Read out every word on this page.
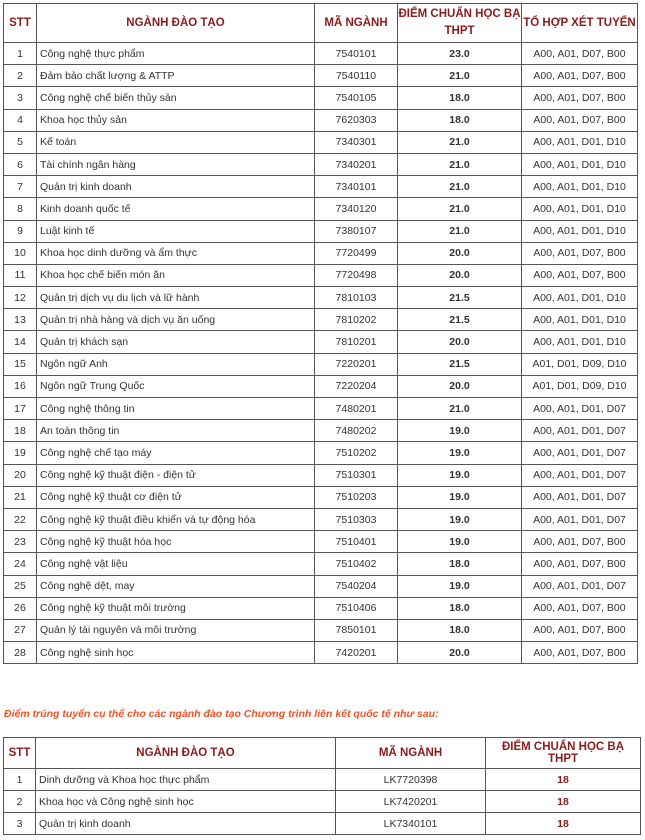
STT	NGÀNH ĐÀO TẠO	MÃ NGÀNH	ĐIỂM CHUẨN HỌC BẠ THPT	TỔ HỢP XÉT TUYỂN
1	Công nghệ thực phẩm	7540101	23.0	A00, A01, D07, B00
2	Đảm bảo chất lượng & ATTP	7540110	21.0	A00, A01, D07, B00
3	Công nghệ chế biến thủy sản	7540105	18.0	A00, A01, D07, B00
4	Khoa học thủy sản	7620303	18.0	A00, A01, D07, B00
5	Kế toán	7340301	21.0	A00, A01, D01, D10
6	Tài chính ngân hàng	7340201	21.0	A00, A01, D01, D10
7	Quản trị kinh doanh	7340101	21.0	A00, A01, D01, D10
8	Kinh doanh quốc tế	7340120	21.0	A00, A01, D01, D10
9	Luật kinh tế	7380107	21.0	A00, A01, D01, D10
10	Khoa học dinh dưỡng và ẩm thực	7720499	20.0	A00, A01, D07, B00
11	Khoa học chế biến món ăn	7720498	20.0	A00, A01, D07, B00
12	Quản trị dịch vụ du lịch và lữ hành	7810103	21.5	A00, A01, D01, D10
13	Quản trị nhà hàng và dịch vụ ăn uống	7810202	21.5	A00, A01, D01, D10
14	Quản trị khách sạn	7810201	20.0	A00, A01, D01, D10
15	Ngôn ngữ Anh	7220201	21.5	A01, D01, D09, D10
16	Ngôn ngữ Trung Quốc	7220204	20.0	A01, D01, D09, D10
17	Công nghệ thông tin	7480201	21.0	A00, A01, D01, D07
18	An toàn thông tin	7480202	19.0	A00, A01, D01, D07
19	Công nghệ chế tạo máy	7510202	19.0	A00, A01, D01, D07
20	Công nghệ kỹ thuật điện - điện tử	7510301	19.0	A00, A01, D01, D07
21	Công nghệ kỹ thuật cơ điện tử	7510203	19.0	A00, A01, D01, D07
22	Công nghệ kỹ thuật điều khiển và tự động hóa	7510303	19.0	A00, A01, D01, D07
23	Công nghệ kỹ thuật hóa học	7510401	19.0	A00, A01, D07, B00
24	Công nghệ vật liệu	7510402	18.0	A00, A01, D07, B00
25	Công nghệ dệt, may	7540204	19.0	A00, A01, D01, D07
26	Công nghệ kỹ thuật môi trường	7510406	18.0	A00, A01, D07, B00
27	Quản lý tài nguyên và môi trường	7850101	18.0	A00, A01, D07, B00
28	Công nghệ sinh học	7420201	20.0	A00, A01, D07, B00

Điểm trúng tuyển cụ thể cho các ngành đào tạo Chương trình liên kết quốc tế như sau:

STT	NGÀNH ĐÀO TẠO	MÃ NGÀNH	ĐIỂM CHUẨN HỌC BẠ THPT
1	Dinh dưỡng và Khoa học thực phẩm	LK7720398	18
2	Khoa học và Công nghệ sinh học	LK7420201	18
3	Quản trị kinh doanh	LK7340101	18
